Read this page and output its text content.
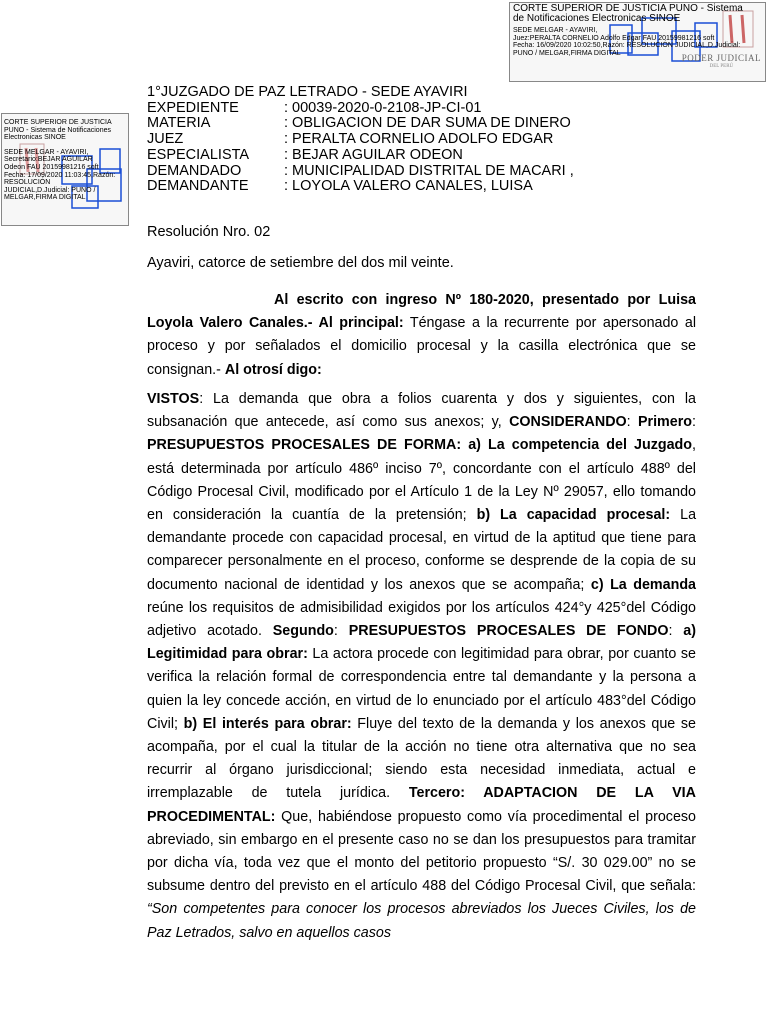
CORTE SUPERIOR DE JUSTICIA PUNO - Sistema
de Notificaciones Electronicas SINOE
SEDE MELGAR - AYAVIRI,
Juez:PERALTA CORNELIO Adolfo Edgar FAU 20159981216 soft
Fecha: 16/09/2020 10:02:50,Razón: RESOLUCIÓN JUDICIAL,D.Judicial:
PUNO / MELGAR,FIRMA DIGITAL	PODER JUDICIAL
DEL PERÚ
CORTE SUPERIOR DE JUSTICIA
PUNO - Sistema de Notificaciones
Electronicas SINOE
SEDE MELGAR - AYAVIRI,
Secretario:BEJAR AGUILAR
Odeon FAU 20159981216 soft
Fecha: 17/09/2020 11:03:45,Razón:
RESOLUCIÓN
JUDICIAL,D.Judicial: PUNO /
MELGAR,FIRMA DIGITAL
1°JUZGADO DE PAZ LETRADO - SEDE AYAVIRI
EXPEDIENTE	: 00039-2020-0-2108-JP-CI-01
MATERIA	: OBLIGACION DE DAR SUMA DE DINERO
JUEZ	: PERALTA CORNELIO ADOLFO EDGAR
ESPECIALISTA	: BEJAR AGUILAR ODEON
DEMANDADO	: MUNICIPALIDAD DISTRITAL DE MACARI ,
DEMANDANTE	: LOYOLA VALERO CANALES, LUISA
Resolución Nro. 02
Ayaviri, catorce de setiembre del dos mil veinte.

Al escrito con ingreso Nº 180-2020, presentado por Luisa Loyola Valero Canales.- Al principal: Téngase a la recurrente por apersonado al proceso y por señalados el domicilio procesal y la casilla electrónica que se consignan.- Al otrosí digo:

VISTOS: La demanda que obra a folios cuarenta y dos y siguientes, con la subsanación que antecede, así como sus anexos; y, CONSIDERANDO: Primero: PRESUPUESTOS PROCESALES DE FORMA: a) La competencia del Juzgado, está determinada por artículo 486º inciso 7º, concordante con el artículo 488º del Código Procesal Civil, modificado por el Artículo 1 de la Ley Nº 29057, ello tomando en consideración la cuantía de la pretensión; b) La capacidad procesal: La demandante procede con capacidad procesal, en virtud de la aptitud que tiene para comparecer personalmente en el proceso, conforme se desprende de la copia de su documento nacional de identidad y los anexos que se acompaña; c) La demanda reúne los requisitos de admisibilidad exigidos por los artículos 424°y 425°del Código adjetivo acotado. Segundo: PRESUPUESTOS PROCESALES DE FONDO: a) Legitimidad para obrar: La actora procede con legitimidad para obrar, por cuanto se verifica la relación formal de correspondencia entre tal demandante y la persona a quien la ley concede acción, en virtud de lo enunciado por el artículo 483°del Código Civil; b) El interés para obrar: Fluye del texto de la demanda y los anexos que se acompaña, por el cual la titular de la acción no tiene otra alternativa que no sea recurrir al órgano jurisdiccional; siendo esta necesidad inmediata, actual e irremplazable de tutela jurídica. Tercero: ADAPTACION DE LA VIA PROCEDIMENTAL: Que, habiéndose propuesto como vía procedimental el proceso abreviado, sin embargo en el presente caso no se dan los presupuestos para tramitar por dicha vía, toda vez que el monto del petitorio propuesto “S/. 30 029.00” no se subsume dentro del previsto en el artículo 488 del Código Procesal Civil, que señala: “Son competentes para conocer los procesos abreviados los Jueces Civiles, los de Paz Letrados, salvo en aquellos casos
